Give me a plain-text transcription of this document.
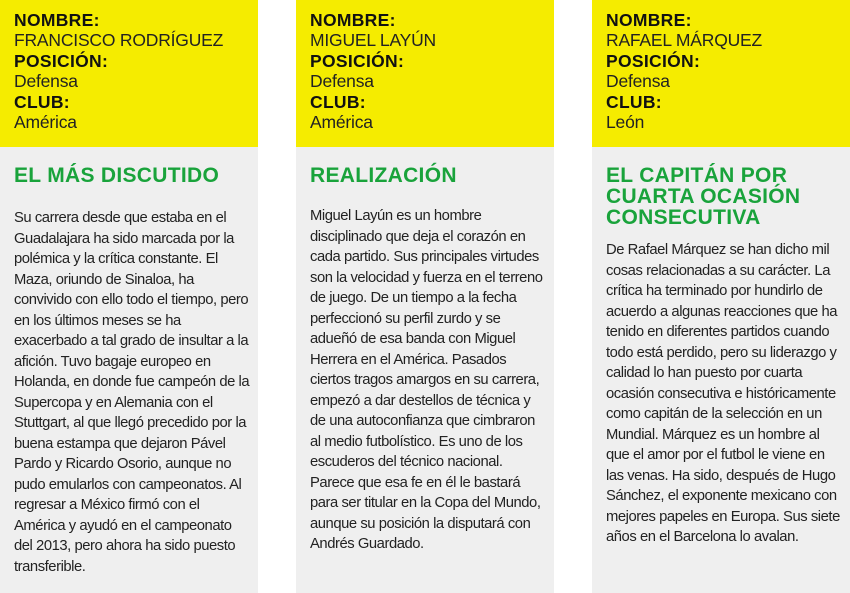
NOMBRE:
FRANCISCO RODRÍGUEZ
POSICIÓN:
Defensa
CLUB:
América
EL MÁS DISCUTIDO
Su carrera desde que estaba en el Guadalajara ha sido marcada por la polémica y la crítica constante. El Maza, oriundo de Sinaloa, ha convivido con ello todo el tiempo, pero en los últimos meses se ha exacerbado a tal grado de insultar a la afición. Tuvo bagaje europeo en Holanda, en donde fue campeón de la Supercopa y en Alemania con el Stuttgart, al que llegó precedido por la buena estampa que dejaron Pável Pardo y Ricardo Osorio, aunque no pudo emularlos con campeonatos. Al regresar a México firmó con el América y ayudó en el campeonato del 2013, pero ahora ha sido puesto transferible.
NOMBRE:
MIGUEL LAYÚN
POSICIÓN:
Defensa
CLUB:
América
REALIZACIÓN
Miguel Layún es un hombre disciplinado que deja el corazón en cada partido. Sus principales virtudes son la velocidad y fuerza en el terreno de juego. De un tiempo a la fecha perfeccionó su perfil zurdo y se adueñó de esa banda con Miguel Herrera en el América. Pasados ciertos tragos amargos en su carrera, empezó a dar destellos de técnica y de una autoconfianza que cimbraron al medio futbolístico. Es uno de los escuderos del técnico nacional. Parece que esa fe en él le bastará para ser titular en la Copa del Mundo, aunque su posición la disputará con Andrés Guardado.
NOMBRE:
RAFAEL MÁRQUEZ
POSICIÓN:
Defensa
CLUB:
León
EL CAPITÁN POR CUARTA OCASIÓN CONSECUTIVA
De Rafael Márquez se han dicho mil cosas relacionadas a su carácter. La crítica ha terminado por hundirlo de acuerdo a algunas reacciones que ha tenido en diferentes partidos cuando todo está perdido, pero su liderazgo y calidad lo han puesto por cuarta ocasión consecutiva e históricamente como capitán de la selección en un Mundial. Márquez es un hombre al que el amor por el futbol le viene en las venas. Ha sido, después de Hugo Sánchez, el exponente mexicano con mejores papeles en Europa. Sus siete años en el Barcelona lo avalan.
